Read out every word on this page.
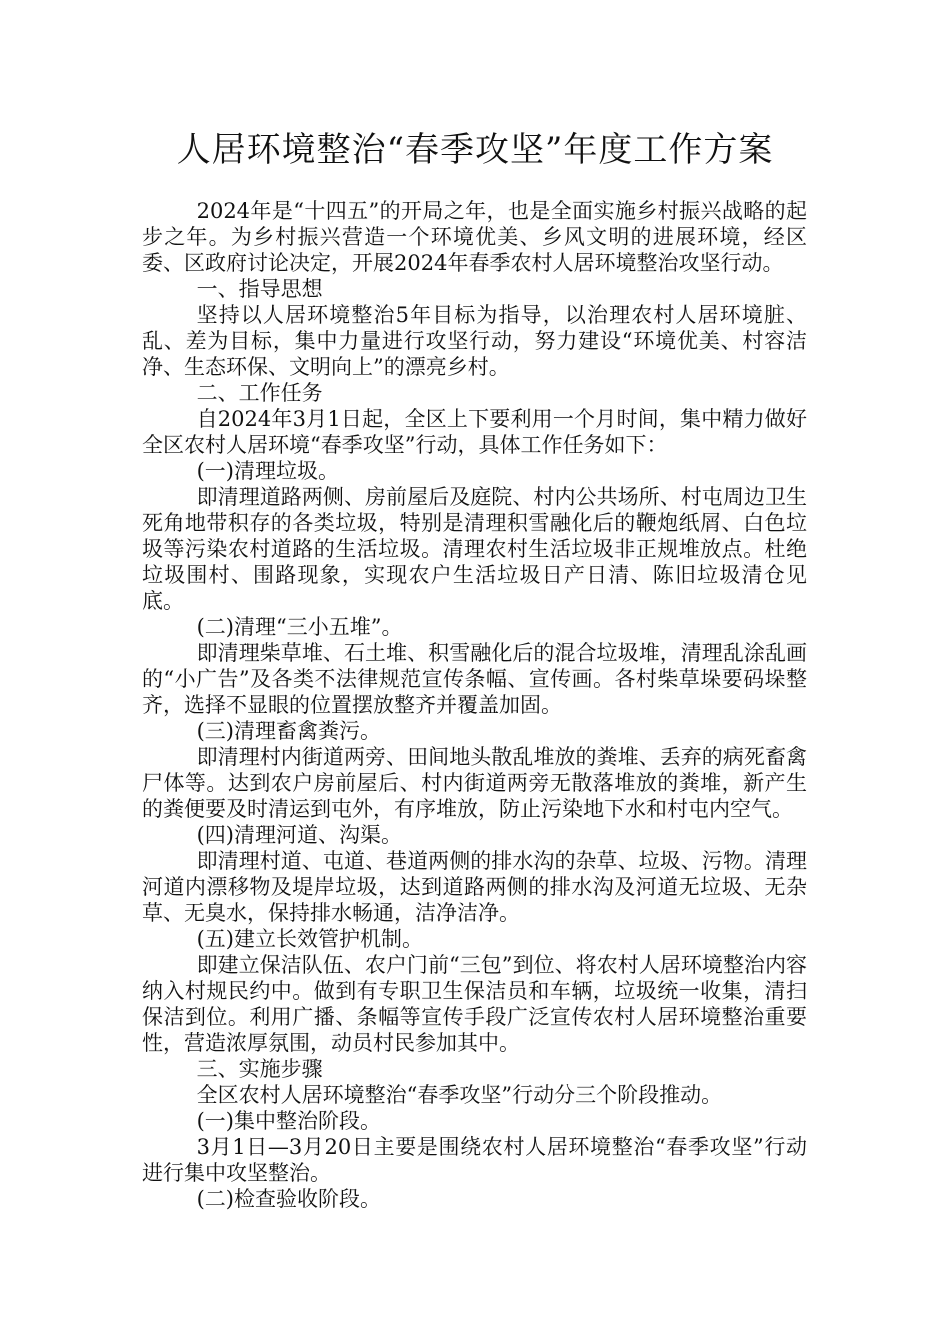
人居环境整治“春季攻坚”年度工作方案

2024年是“十四五”的开局之年，也是全面实施乡村振兴战略的起步之年。为乡村振兴营造一个环境优美、乡风文明的进展环境，经区委、区政府讨论决定，开展2024年春季农村人居环境整治攻坚行动。

一、指导思想

坚持以人居环境整治5年目标为指导，以治理农村人居环境脏、乱、差为目标，集中力量进行攻坚行动，努力建设“环境优美、村容洁净、生态环保、文明向上”的漂亮乡村。

二、工作任务

自2024年3月1日起，全区上下要利用一个月时间，集中精力做好全区农村人居环境“春季攻坚”行动，具体工作任务如下：

(一)清理垃圾。

即清理道路两侧、房前屋后及庭院、村内公共场所、村屯周边卫生死角地带积存的各类垃圾，特别是清理积雪融化后的鞭炮纸屑、白色垃圾等污染农村道路的生活垃圾。清理农村生活垃圾非正规堆放点。杜绝垃圾围村、围路现象，实现农户生活垃圾日产日清、陈旧垃圾清仓见底。

(二)清理“三小五堆”。

即清理柴草堆、石土堆、积雪融化后的混合垃圾堆，清理乱涂乱画的“小广告”及各类不法律规范宣传条幅、宣传画。各村柴草垛要码垛整齐，选择不显眼的位置摆放整齐并覆盖加固。

(三)清理畜禽粪污。

即清理村内街道两旁、田间地头散乱堆放的粪堆、丢弃的病死畜禽尸体等。达到农户房前屋后、村内街道两旁无散落堆放的粪堆，新产生的粪便要及时清运到屯外，有序堆放，防止污染地下水和村屯内空气。

(四)清理河道、沟渠。

即清理村道、屯道、巷道两侧的排水沟的杂草、垃圾、污物。清理河道内漂移物及堤岸垃圾，达到道路两侧的排水沟及河道无垃圾、无杂草、无臭水，保持排水畅通，洁净洁净。

(五)建立长效管护机制。

即建立保洁队伍、农户门前“三包”到位、将农村人居环境整治内容纳入村规民约中。做到有专职卫生保洁员和车辆，垃圾统一收集，清扫保洁到位。利用广播、条幅等宣传手段广泛宣传农村人居环境整治重要性，营造浓厚氛围，动员村民参加其中。

三、实施步骤

全区农村人居环境整治“春季攻坚”行动分三个阶段推动。

(一)集中整治阶段。

3月1日—3月20日主要是围绕农村人居环境整治“春季攻坚”行动进行集中攻坚整治。

(二)检查验收阶段。
